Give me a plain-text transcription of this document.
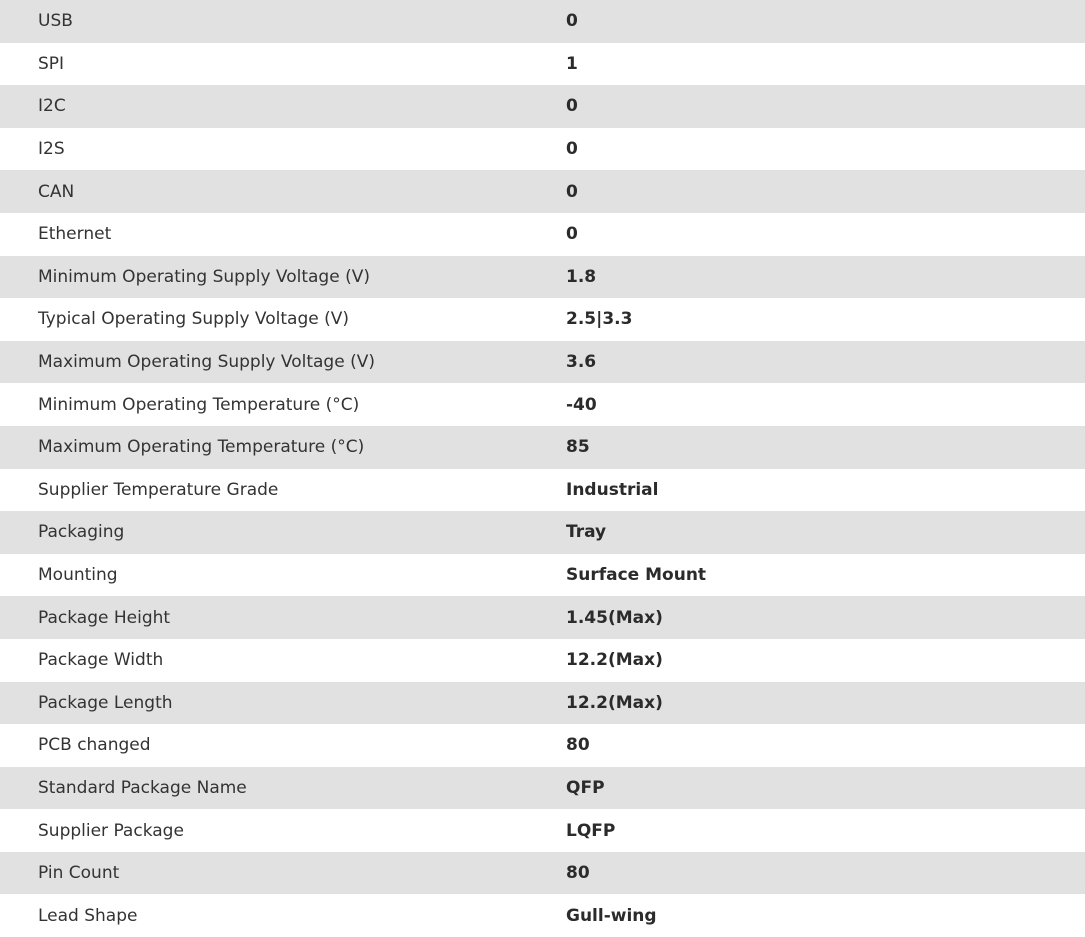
USB	0
SPI	1
I2C	0
I2S	0
CAN	0
Ethernet	0
Minimum Operating Supply Voltage (V)	1.8
Typical Operating Supply Voltage (V)	2.5|3.3
Maximum Operating Supply Voltage (V)	3.6
Minimum Operating Temperature (°C)	-40
Maximum Operating Temperature (°C)	85
Supplier Temperature Grade	Industrial
Packaging	Tray
Mounting	Surface Mount
Package Height	1.45(Max)
Package Width	12.2(Max)
Package Length	12.2(Max)
PCB changed	80
Standard Package Name	QFP
Supplier Package	LQFP
Pin Count	80
Lead Shape	Gull-wing
